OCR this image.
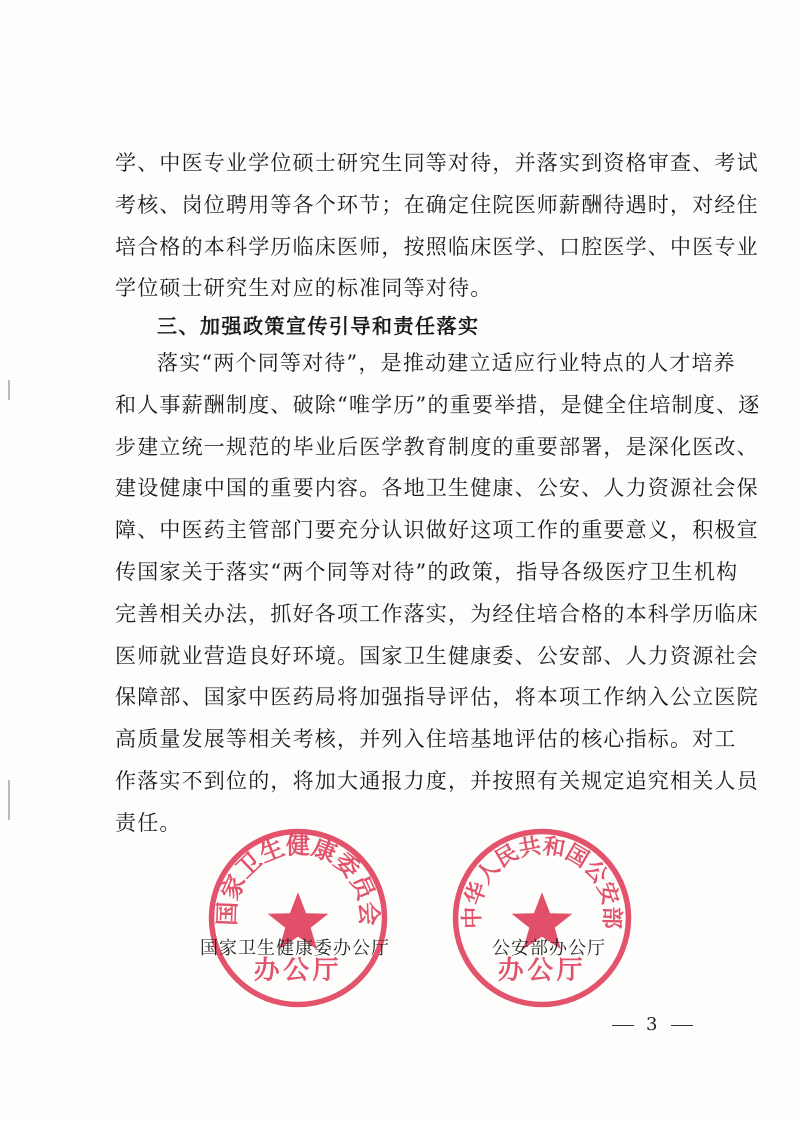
学、中医专业学位硕士研究生同等对待，并落实到资格审查、考试
考核、岗位聘用等各个环节；在确定住院医师薪酬待遇时，对经住
培合格的本科学历临床医师，按照临床医学、口腔医学、中医专业
学位硕士研究生对应的标准同等对待。
三、加强政策宣传引导和责任落实
落实“两个同等对待”，是推动建立适应行业特点的人才培养
和人事薪酬制度、破除“唯学历”的重要举措，是健全住培制度、逐
步建立统一规范的毕业后医学教育制度的重要部署，是深化医改、
建设健康中国的重要内容。各地卫生健康、公安、人力资源社会保
障、中医药主管部门要充分认识做好这项工作的重要意义，积极宣
传国家关于落实“两个同等对待”的政策，指导各级医疗卫生机构
完善相关办法，抓好各项工作落实，为经住培合格的本科学历临床
医师就业营造良好环境。国家卫生健康委、公安部、人力资源社会
保障部、国家中医药局将加强指导评估，将本项工作纳入公立医院
高质量发展等相关考核，并列入住培基地评估的核心指标。对工
作落实不到位的，将加大通报力度，并按照有关规定追究相关人员
责任。
国家卫生健康委员会
办公厅
中华人民共和国公安部
办公厅
国家卫生健康委办公厅	公安部办公厅
3
